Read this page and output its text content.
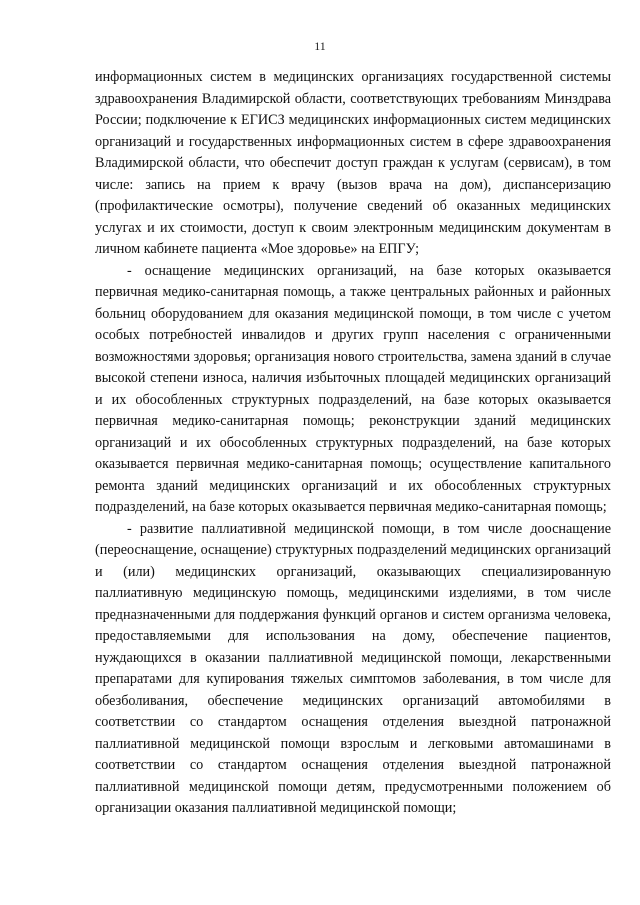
11

информационных систем в медицинских организациях государственной системы здравоохранения Владимирской области, соответствующих требованиям Минздрава России; подключение к ЕГИСЗ медицинских информационных систем медицинских организаций и государственных информационных систем в сфере здравоохранения Владимирской области, что обеспечит доступ граждан к услугам (сервисам), в том числе: запись на прием к врачу (вызов врача на дом), диспансеризацию (профилактические осмотры), получение сведений об оказанных медицинских услугах и их стоимости, доступ к своим электронным медицинским документам в личном кабинете пациента «Мое здоровье» на ЕПГУ;

- оснащение медицинских организаций, на базе которых оказывается первичная медико-санитарная помощь, а также центральных районных и районных больниц оборудованием для оказания медицинской помощи, в том числе с учетом особых потребностей инвалидов и других групп населения с ограниченными возможностями здоровья; организация нового строительства, замена зданий в случае высокой степени износа, наличия избыточных площадей медицинских организаций и их обособленных структурных подразделений, на базе которых оказывается первичная медико-санитарная помощь; реконструкции зданий медицинских организаций и их обособленных структурных подразделений, на базе которых оказывается первичная медико-санитарная помощь; осуществление капитального ремонта зданий медицинских организаций и их обособленных структурных подразделений, на базе которых оказывается первичная медико-санитарная помощь;

- развитие паллиативной медицинской помощи, в том числе дооснащение (переоснащение, оснащение) структурных подразделений медицинских организаций и (или) медицинских организаций, оказывающих специализированную паллиативную медицинскую помощь, медицинскими изделиями, в том числе предназначенными для поддержания функций органов и систем организма человека, предоставляемыми для использования на дому, обеспечение пациентов, нуждающихся в оказании паллиативной медицинской помощи, лекарственными препаратами для купирования тяжелых симптомов заболевания, в том числе для обезболивания, обеспечение медицинских организаций автомобилями в соответствии со стандартом оснащения отделения выездной патронажной паллиативной медицинской помощи взрослым и легковыми автомашинами в соответствии со стандартом оснащения отделения выездной патронажной паллиативной медицинской помощи детям, предусмотренными положением об организации оказания паллиативной медицинской помощи;
